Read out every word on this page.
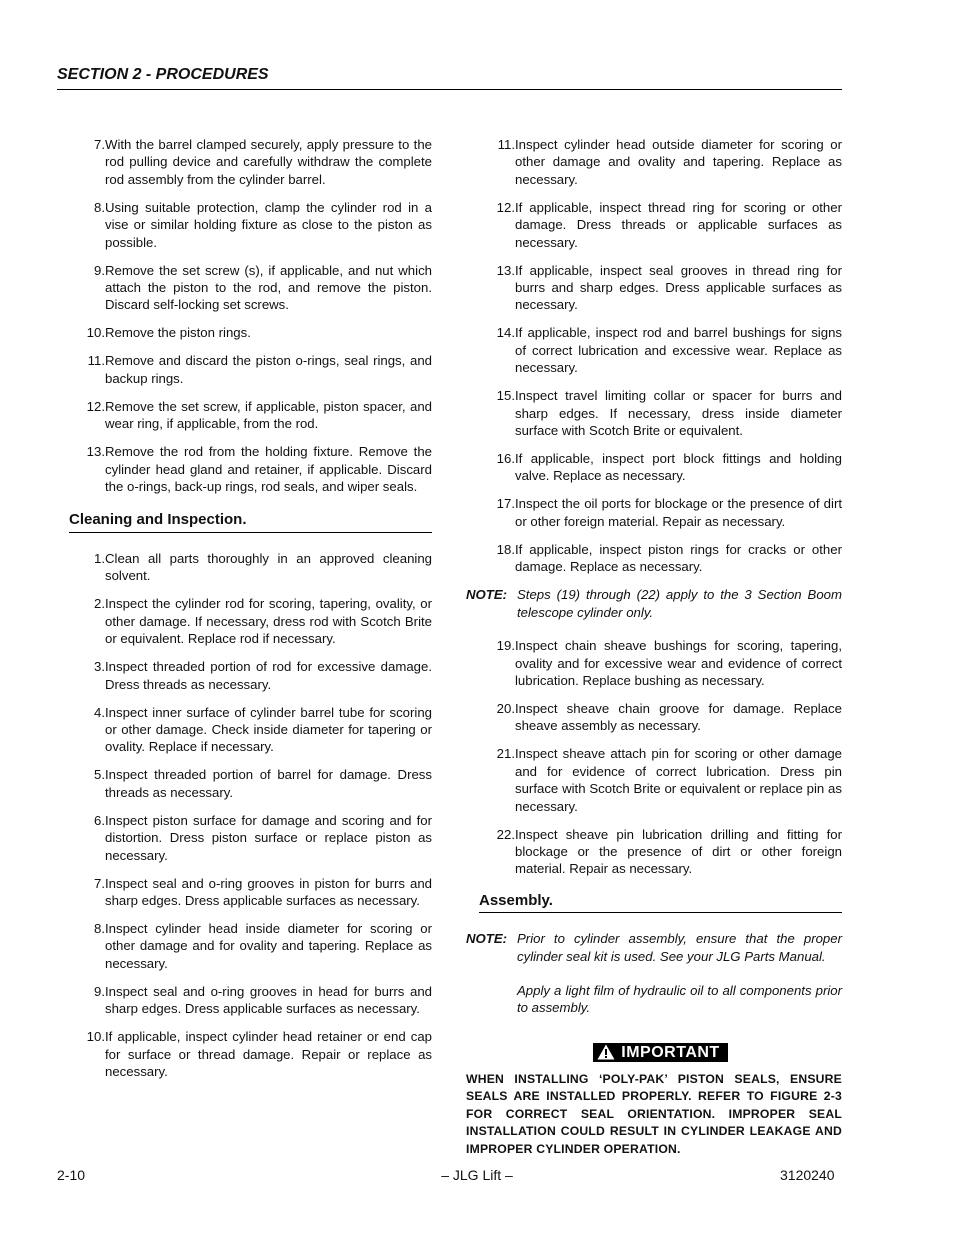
SECTION 2 - PROCEDURES
7. With the barrel clamped securely, apply pressure to the rod pulling device and carefully withdraw the complete rod assembly from the cylinder barrel.
8. Using suitable protection, clamp the cylinder rod in a vise or similar holding fixture as close to the piston as possible.
9. Remove the set screw (s), if applicable, and nut which attach the piston to the rod, and remove the piston. Discard self-locking set screws.
10. Remove the piston rings.
11. Remove and discard the piston o-rings, seal rings, and backup rings.
12. Remove the set screw, if applicable, piston spacer, and wear ring, if applicable, from the rod.
13. Remove the rod from the holding fixture. Remove the cylinder head gland and retainer, if applicable. Discard the o-rings, back-up rings, rod seals, and wiper seals.
Cleaning and Inspection.
1. Clean all parts thoroughly in an approved cleaning solvent.
2. Inspect the cylinder rod for scoring, tapering, ovality, or other damage. If necessary, dress rod with Scotch Brite or equivalent. Replace rod if necessary.
3. Inspect threaded portion of rod for excessive damage. Dress threads as necessary.
4. Inspect inner surface of cylinder barrel tube for scoring or other damage. Check inside diameter for tapering or ovality. Replace if necessary.
5. Inspect threaded portion of barrel for damage. Dress threads as necessary.
6. Inspect piston surface for damage and scoring and for distortion. Dress piston surface or replace piston as necessary.
7. Inspect seal and o-ring grooves in piston for burrs and sharp edges. Dress applicable surfaces as necessary.
8. Inspect cylinder head inside diameter for scoring or other damage and for ovality and tapering. Replace as necessary.
9. Inspect seal and o-ring grooves in head for burrs and sharp edges. Dress applicable surfaces as necessary.
10. If applicable, inspect cylinder head retainer or end cap for surface or thread damage. Repair or replace as necessary.
11. Inspect cylinder head outside diameter for scoring or other damage and ovality and tapering. Replace as necessary.
12. If applicable, inspect thread ring for scoring or other damage. Dress threads or applicable surfaces as necessary.
13. If applicable, inspect seal grooves in thread ring for burrs and sharp edges. Dress applicable surfaces as necessary.
14. If applicable, inspect rod and barrel bushings for signs of correct lubrication and excessive wear. Replace as necessary.
15. Inspect travel limiting collar or spacer for burrs and sharp edges. If necessary, dress inside diameter surface with Scotch Brite or equivalent.
16. If applicable, inspect port block fittings and holding valve. Replace as necessary.
17. Inspect the oil ports for blockage or the presence of dirt or other foreign material. Repair as necessary.
18. If applicable, inspect piston rings for cracks or other damage. Replace as necessary.
NOTE: Steps (19) through (22) apply to the 3 Section Boom telescope cylinder only.
19. Inspect chain sheave bushings for scoring, tapering, ovality and for excessive wear and evidence of correct lubrication. Replace bushing as necessary.
20. Inspect sheave chain groove for damage. Replace sheave assembly as necessary.
21. Inspect sheave attach pin for scoring or other damage and for evidence of correct lubrication. Dress pin surface with Scotch Brite or equivalent or replace pin as necessary.
22. Inspect sheave pin lubrication drilling and fitting for blockage or the presence of dirt or other foreign material. Repair as necessary.
Assembly.
NOTE: Prior to cylinder assembly, ensure that the proper cylinder seal kit is used. See your JLG Parts Manual.

Apply a light film of hydraulic oil to all components prior to assembly.

IMPORTANT
WHEN INSTALLING ‘POLY-PAK’ PISTON SEALS, ENSURE SEALS ARE INSTALLED PROPERLY. REFER TO FIGURE 2-3 FOR CORRECT SEAL ORIENTATION. IMPROPER SEAL INSTALLATION COULD RESULT IN CYLINDER LEAKAGE AND IMPROPER CYLINDER OPERATION.
2-10	– JLG Lift –	3120240
